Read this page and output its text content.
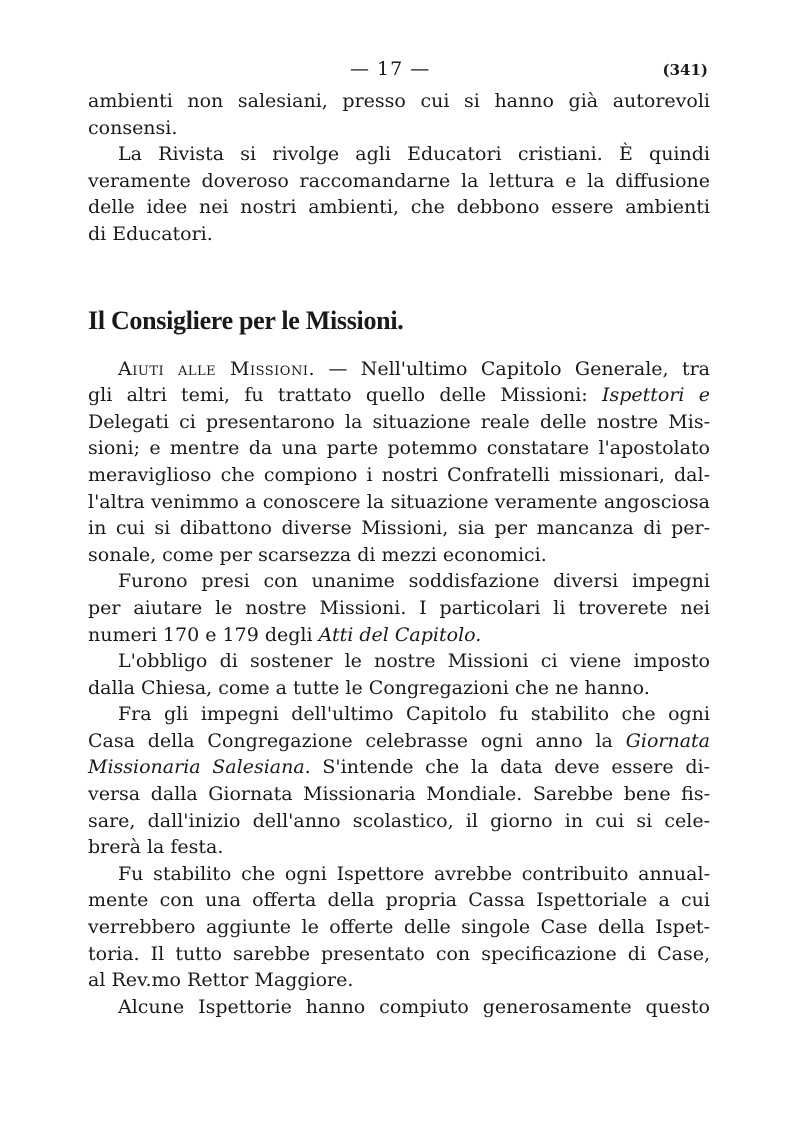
— 17 —	(341)
ambienti non salesiani, presso cui si hanno già autorevoli
consensi.
La Rivista si rivolge agli Educatori cristiani. È quindi
veramente doveroso raccomandarne la lettura e la diffusione
delle idee nei nostri ambienti, che debbono essere ambienti
di Educatori.
Il Consigliere per le Missioni.
Aiuti alle Missioni. — Nell'ultimo Capitolo Generale, tra
gli altri temi, fu trattato quello delle Missioni: Ispettori e
Delegati ci presentarono la situazione reale delle nostre Mis-
sioni; e mentre da una parte potemmo constatare l'apostolato
meraviglioso che compiono i nostri Confratelli missionari, dal-
l'altra venimmo a conoscere la situazione veramente angosciosa
in cui si dibattono diverse Missioni, sia per mancanza di per-
sonale, come per scarsezza di mezzi economici.
Furono presi con unanime soddisfazione diversi impegni
per aiutare le nostre Missioni. I particolari li troverete nei
numeri 170 e 179 degli Atti del Capitolo.
L'obbligo di sostener le nostre Missioni ci viene imposto
dalla Chiesa, come a tutte le Congregazioni che ne hanno.
Fra gli impegni dell'ultimo Capitolo fu stabilito che ogni
Casa della Congregazione celebrasse ogni anno la Giornata
Missionaria Salesiana. S'intende che la data deve essere di-
versa dalla Giornata Missionaria Mondiale. Sarebbe bene fis-
sare, dall'inizio dell'anno scolastico, il giorno in cui si cele-
brerà la festa.
Fu stabilito che ogni Ispettore avrebbe contribuito annual-
mente con una offerta della propria Cassa Ispettoriale a cui
verrebbero aggiunte le offerte delle singole Case della Ispet-
toria. Il tutto sarebbe presentato con specificazione di Case,
al Rev.mo Rettor Maggiore.
Alcune Ispettorie hanno compiuto generosamente questo
